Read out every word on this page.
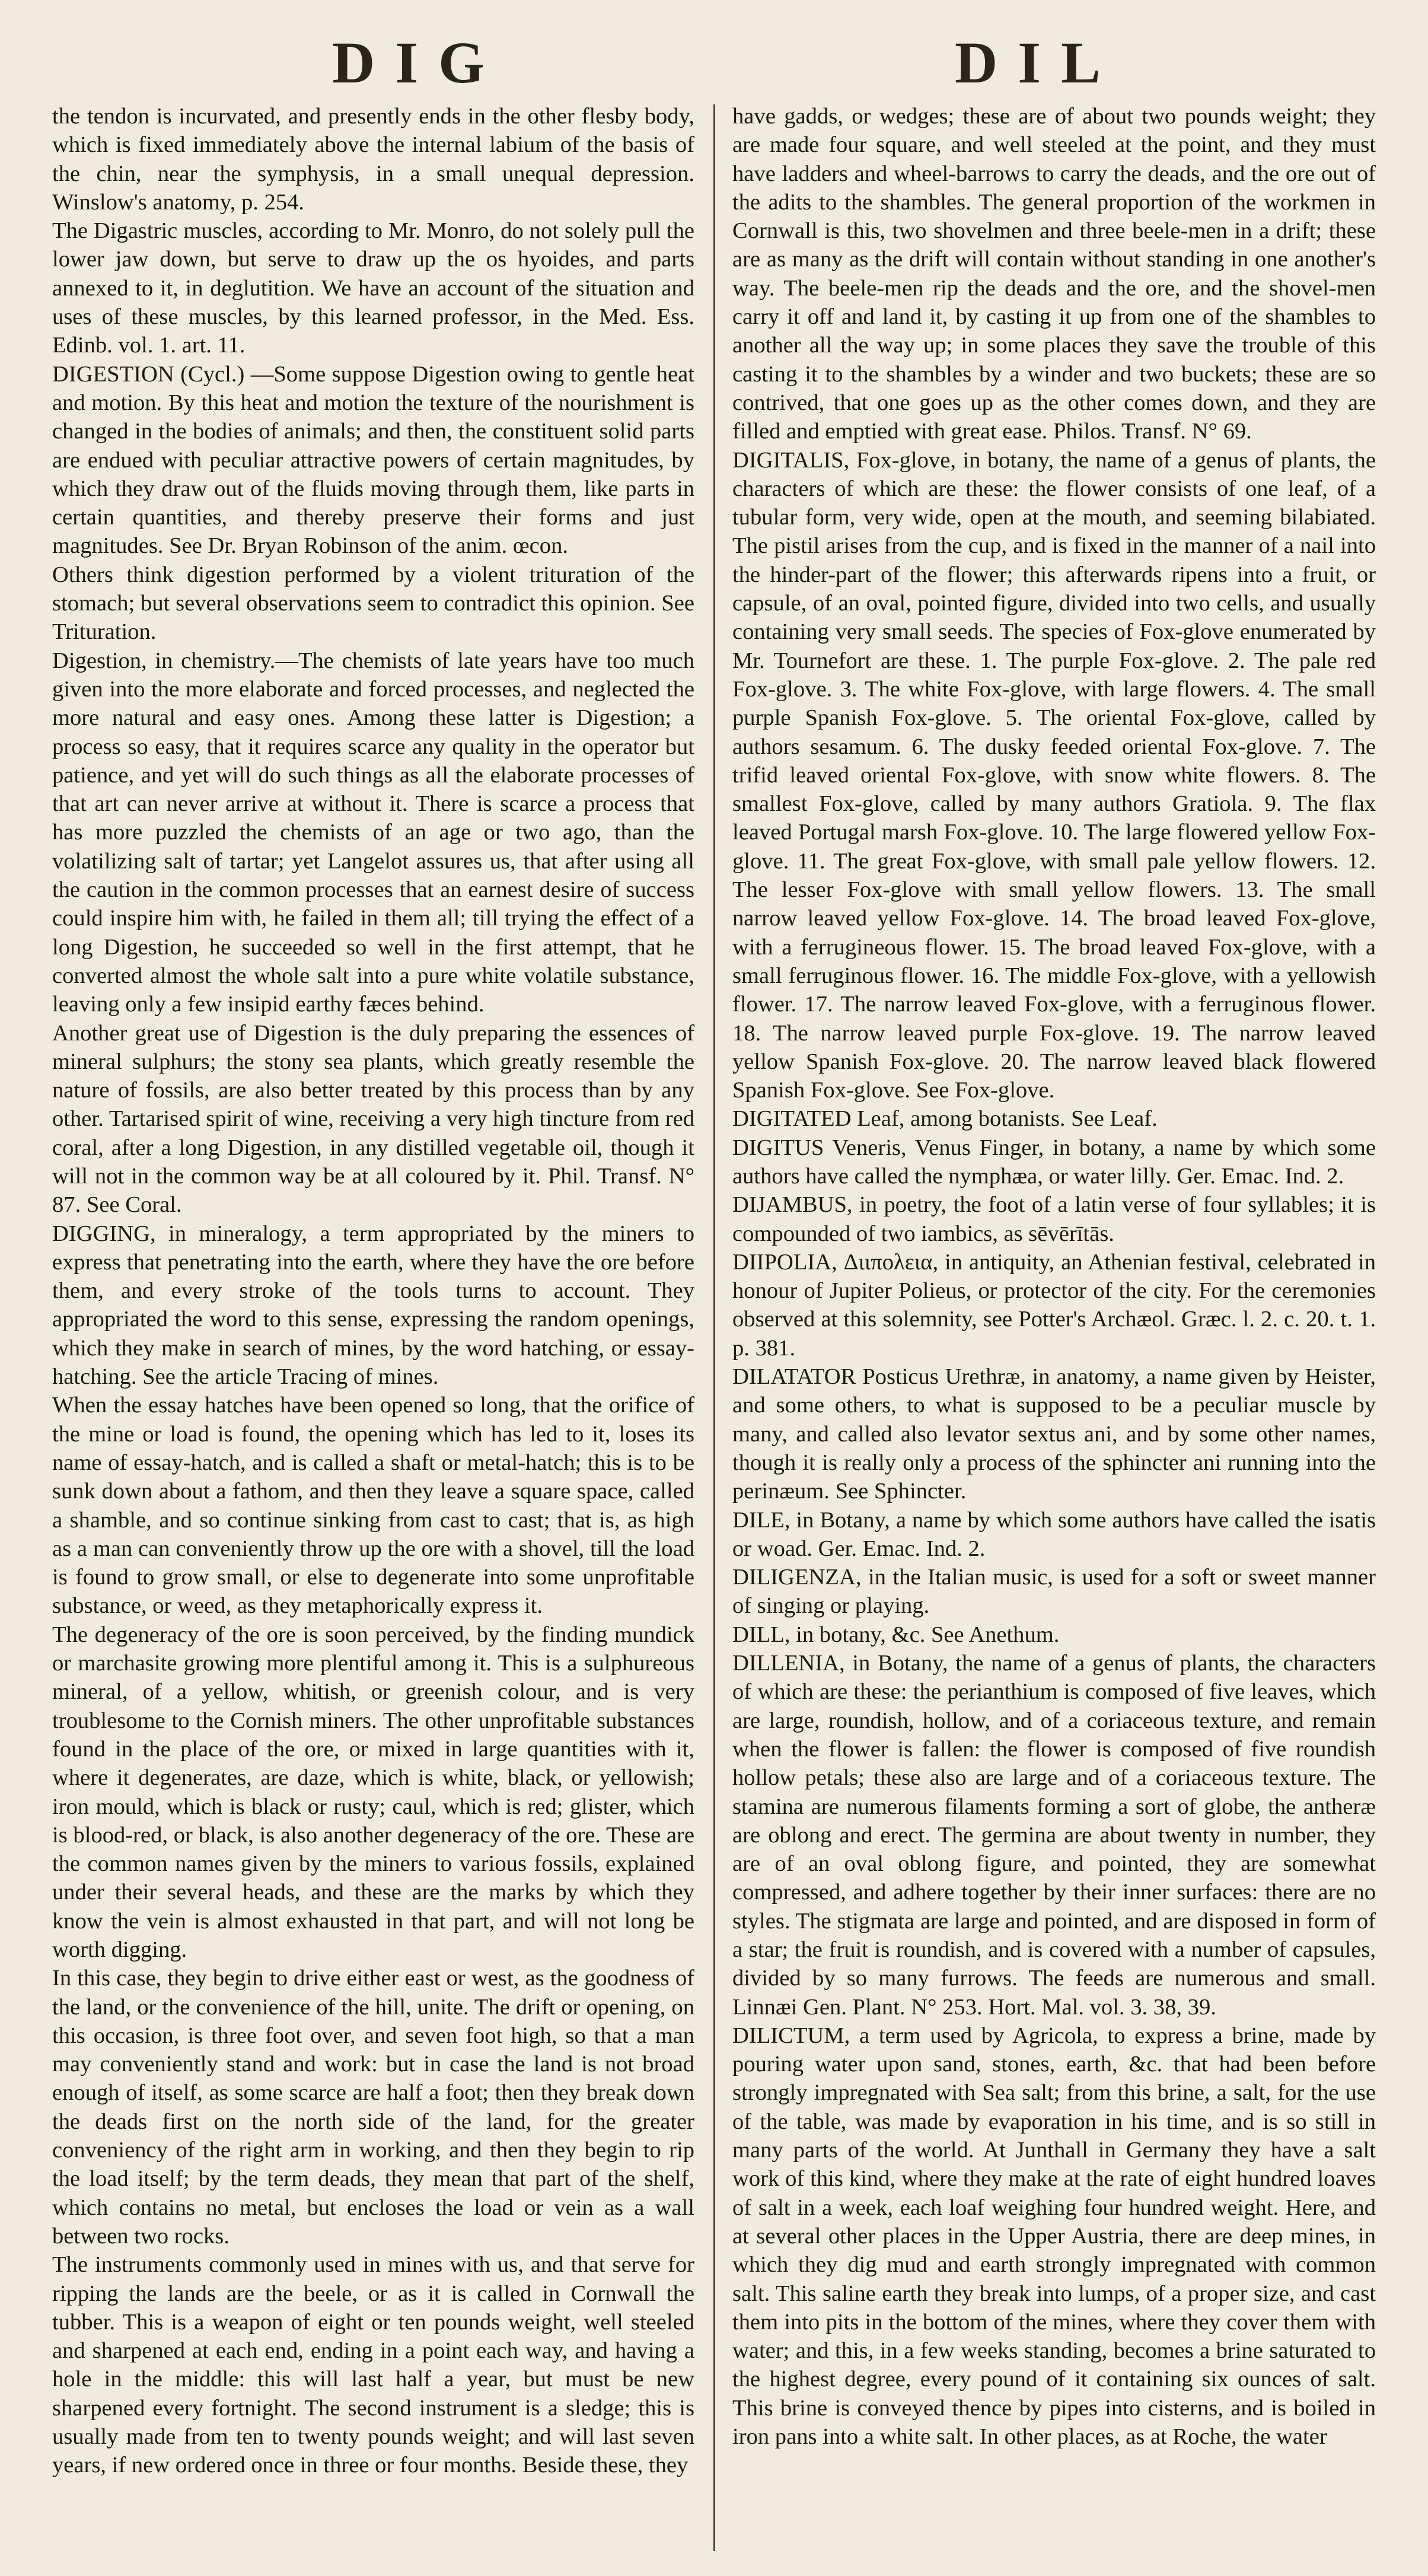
DIG	DIL

the tendon is incurvated, and presently ends in the other flesby body, which is fixed immediately above the internal labium of the basis of the chin, near the symphysis, in a small unequal depression. Winslow's anatomy, p. 254.

The Digastric muscles, according to Mr. Monro, do not solely pull the lower jaw down, but serve to draw up the os hyoides, and parts annexed to it, in deglutition. We have an account of the situation and uses of these muscles, by this learned professor, in the Med. Ess. Edinb. vol. 1. art. 11.

DIGESTION (Cycl.) —Some suppose Digestion owing to gentle heat and motion. By this heat and motion the texture of the nourishment is changed in the bodies of animals; and then, the constituent solid parts are endued with peculiar attractive powers of certain magnitudes, by which they draw out of the fluids moving through them, like parts in certain quantities, and thereby preserve their forms and just magnitudes. See Dr. Bryan Robinson of the anim. œcon.

Others think digestion performed by a violent trituration of the stomach; but several observations seem to contradict this opinion. See Trituration.

Digestion, in chemistry.—The chemists of late years have too much given into the more elaborate and forced processes, and neglected the more natural and easy ones. Among these latter is Digestion; a process so easy, that it requires scarce any quality in the operator but patience, and yet will do such things as all the elaborate processes of that art can never arrive at without it. There is scarce a process that has more puzzled the chemists of an age or two ago, than the volatilizing salt of tartar; yet Langelot assures us, that after using all the caution in the common processes that an earnest desire of success could inspire him with, he failed in them all; till trying the effect of a long Digestion, he succeeded so well in the first attempt, that he converted almost the whole salt into a pure white volatile substance, leaving only a few insipid earthy fæces behind.

Another great use of Digestion is the duly preparing the essences of mineral sulphurs; the stony sea plants, which greatly resemble the nature of fossils, are also better treated by this process than by any other. Tartarised spirit of wine, receiving a very high tincture from red coral, after a long Digestion, in any distilled vegetable oil, though it will not in the common way be at all coloured by it. Phil. Transf. N° 87. See Coral.

DIGGING, in mineralogy, a term appropriated by the miners to express that penetrating into the earth, where they have the ore before them, and every stroke of the tools turns to account. They appropriated the word to this sense, expressing the random openings, which they make in search of mines, by the word hatching, or essay-hatching. See the article Tracing of mines.

When the essay hatches have been opened so long, that the orifice of the mine or load is found, the opening which has led to it, loses its name of essay-hatch, and is called a shaft or metal-hatch; this is to be sunk down about a fathom, and then they leave a square space, called a shamble, and so continue sinking from cast to cast; that is, as high as a man can conveniently throw up the ore with a shovel, till the load is found to grow small, or else to degenerate into some unprofitable substance, or weed, as they metaphorically express it.

The degeneracy of the ore is soon perceived, by the finding mundick or marchasite growing more plentiful among it. This is a sulphureous mineral, of a yellow, whitish, or greenish colour, and is very troublesome to the Cornish miners. The other unprofitable substances found in the place of the ore, or mixed in large quantities with it, where it degenerates, are daze, which is white, black, or yellowish; iron mould, which is black or rusty; caul, which is red; glister, which is blood-red, or black, is also another degeneracy of the ore. These are the common names given by the miners to various fossils, explained under their several heads, and these are the marks by which they know the vein is almost exhausted in that part, and will not long be worth digging.

In this case, they begin to drive either east or west, as the goodness of the land, or the convenience of the hill, unite. The drift or opening, on this occasion, is three foot over, and seven foot high, so that a man may conveniently stand and work: but in case the land is not broad enough of itself, as some scarce are half a foot; then they break down the deads first on the north side of the land, for the greater conveniency of the right arm in working, and then they begin to rip the load itself; by the term deads, they mean that part of the shelf, which contains no metal, but encloses the load or vein as a wall between two rocks.

The instruments commonly used in mines with us, and that serve for ripping the lands are the beele, or as it is called in Cornwall the tubber. This is a weapon of eight or ten pounds weight, well steeled and sharpened at each end, ending in a point each way, and having a hole in the middle: this will last half a year, but must be new sharpened every fortnight. The second instrument is a sledge; this is usually made from ten to twenty pounds weight; and will last seven years, if new ordered once in three or four months. Beside these, they

have gadds, or wedges; these are of about two pounds weight; they are made four square, and well steeled at the point, and they must have ladders and wheel-barrows to carry the deads, and the ore out of the adits to the shambles. The general proportion of the workmen in Cornwall is this, two shovelmen and three beele-men in a drift; these are as many as the drift will contain without standing in one another's way. The beele-men rip the deads and the ore, and the shovel-men carry it off and land it, by casting it up from one of the shambles to another all the way up; in some places they save the trouble of this casting it to the shambles by a winder and two buckets; these are so contrived, that one goes up as the other comes down, and they are filled and emptied with great ease. Philos. Transf. N° 69.

DIGITALIS, Fox-glove, in botany, the name of a genus of plants, the characters of which are these: the flower consists of one leaf, of a tubular form, very wide, open at the mouth, and seeming bilabiated. The pistil arises from the cup, and is fixed in the manner of a nail into the hinder-part of the flower; this afterwards ripens into a fruit, or capsule, of an oval, pointed figure, divided into two cells, and usually containing very small seeds. The species of Fox-glove enumerated by Mr. Tournefort are these. 1. The purple Fox-glove. 2. The pale red Fox-glove. 3. The white Fox-glove, with large flowers. 4. The small purple Spanish Fox-glove. 5. The oriental Fox-glove, called by authors sesamum. 6. The dusky feeded oriental Fox-glove. 7. The trifid leaved oriental Fox-glove, with snow white flowers. 8. The smallest Fox-glove, called by many authors Gratiola. 9. The flax leaved Portugal marsh Fox-glove. 10. The large flowered yellow Fox-glove. 11. The great Fox-glove, with small pale yellow flowers. 12. The lesser Fox-glove with small yellow flowers. 13. The small narrow leaved yellow Fox-glove. 14. The broad leaved Fox-glove, with a ferrugineous flower. 15. The broad leaved Fox-glove, with a small ferruginous flower. 16. The middle Fox-glove, with a yellowish flower. 17. The narrow leaved Fox-glove, with a ferruginous flower. 18. The narrow leaved purple Fox-glove. 19. The narrow leaved yellow Spanish Fox-glove. 20. The narrow leaved black flowered Spanish Fox-glove. See Fox-glove.

DIGITATED Leaf, among botanists. See Leaf.

DIGITUS Veneris, Venus Finger, in botany, a name by which some authors have called the nymphæa, or water lilly. Ger. Emac. Ind. 2.

DIJAMBUS, in poetry, the foot of a latin verse of four syllables; it is compounded of two iambics, as sēvērītās.

DIIPOLIA, Διιπολεια, in antiquity, an Athenian festival, celebrated in honour of Jupiter Polieus, or protector of the city. For the ceremonies observed at this solemnity, see Potter's Archæol. Græc. l. 2. c. 20. t. 1. p. 381.

DILATATOR Posticus Urethræ, in anatomy, a name given by Heister, and some others, to what is supposed to be a peculiar muscle by many, and called also levator sextus ani, and by some other names, though it is really only a process of the sphincter ani running into the perinæum. See Sphincter.

DILE, in Botany, a name by which some authors have called the isatis or woad. Ger. Emac. Ind. 2.

DILIGENZA, in the Italian music, is used for a soft or sweet manner of singing or playing.

DILL, in botany, &c. See Anethum.

DILLENIA, in Botany, the name of a genus of plants, the characters of which are these: the perianthium is composed of five leaves, which are large, roundish, hollow, and of a coriaceous texture, and remain when the flower is fallen: the flower is composed of five roundish hollow petals; these also are large and of a coriaceous texture. The stamina are numerous filaments forming a sort of globe, the antheræ are oblong and erect. The germina are about twenty in number, they are of an oval oblong figure, and pointed, they are somewhat compressed, and adhere together by their inner surfaces: there are no styles. The stigmata are large and pointed, and are disposed in form of a star; the fruit is roundish, and is covered with a number of capsules, divided by so many furrows. The feeds are numerous and small. Linnæi Gen. Plant. N° 253. Hort. Mal. vol. 3. 38, 39.

DILICTUM, a term used by Agricola, to express a brine, made by pouring water upon sand, stones, earth, &c. that had been before strongly impregnated with Sea salt; from this brine, a salt, for the use of the table, was made by evaporation in his time, and is so still in many parts of the world. At Junthall in Germany they have a salt work of this kind, where they make at the rate of eight hundred loaves of salt in a week, each loaf weighing four hundred weight. Here, and at several other places in the Upper Austria, there are deep mines, in which they dig mud and earth strongly impregnated with common salt. This saline earth they break into lumps, of a proper size, and cast them into pits in the bottom of the mines, where they cover them with water; and this, in a few weeks standing, becomes a brine saturated to the highest degree, every pound of it containing six ounces of salt. This brine is conveyed thence by pipes into cisterns, and is boiled in iron pans into a white salt. In other places, as at Roche, the water
